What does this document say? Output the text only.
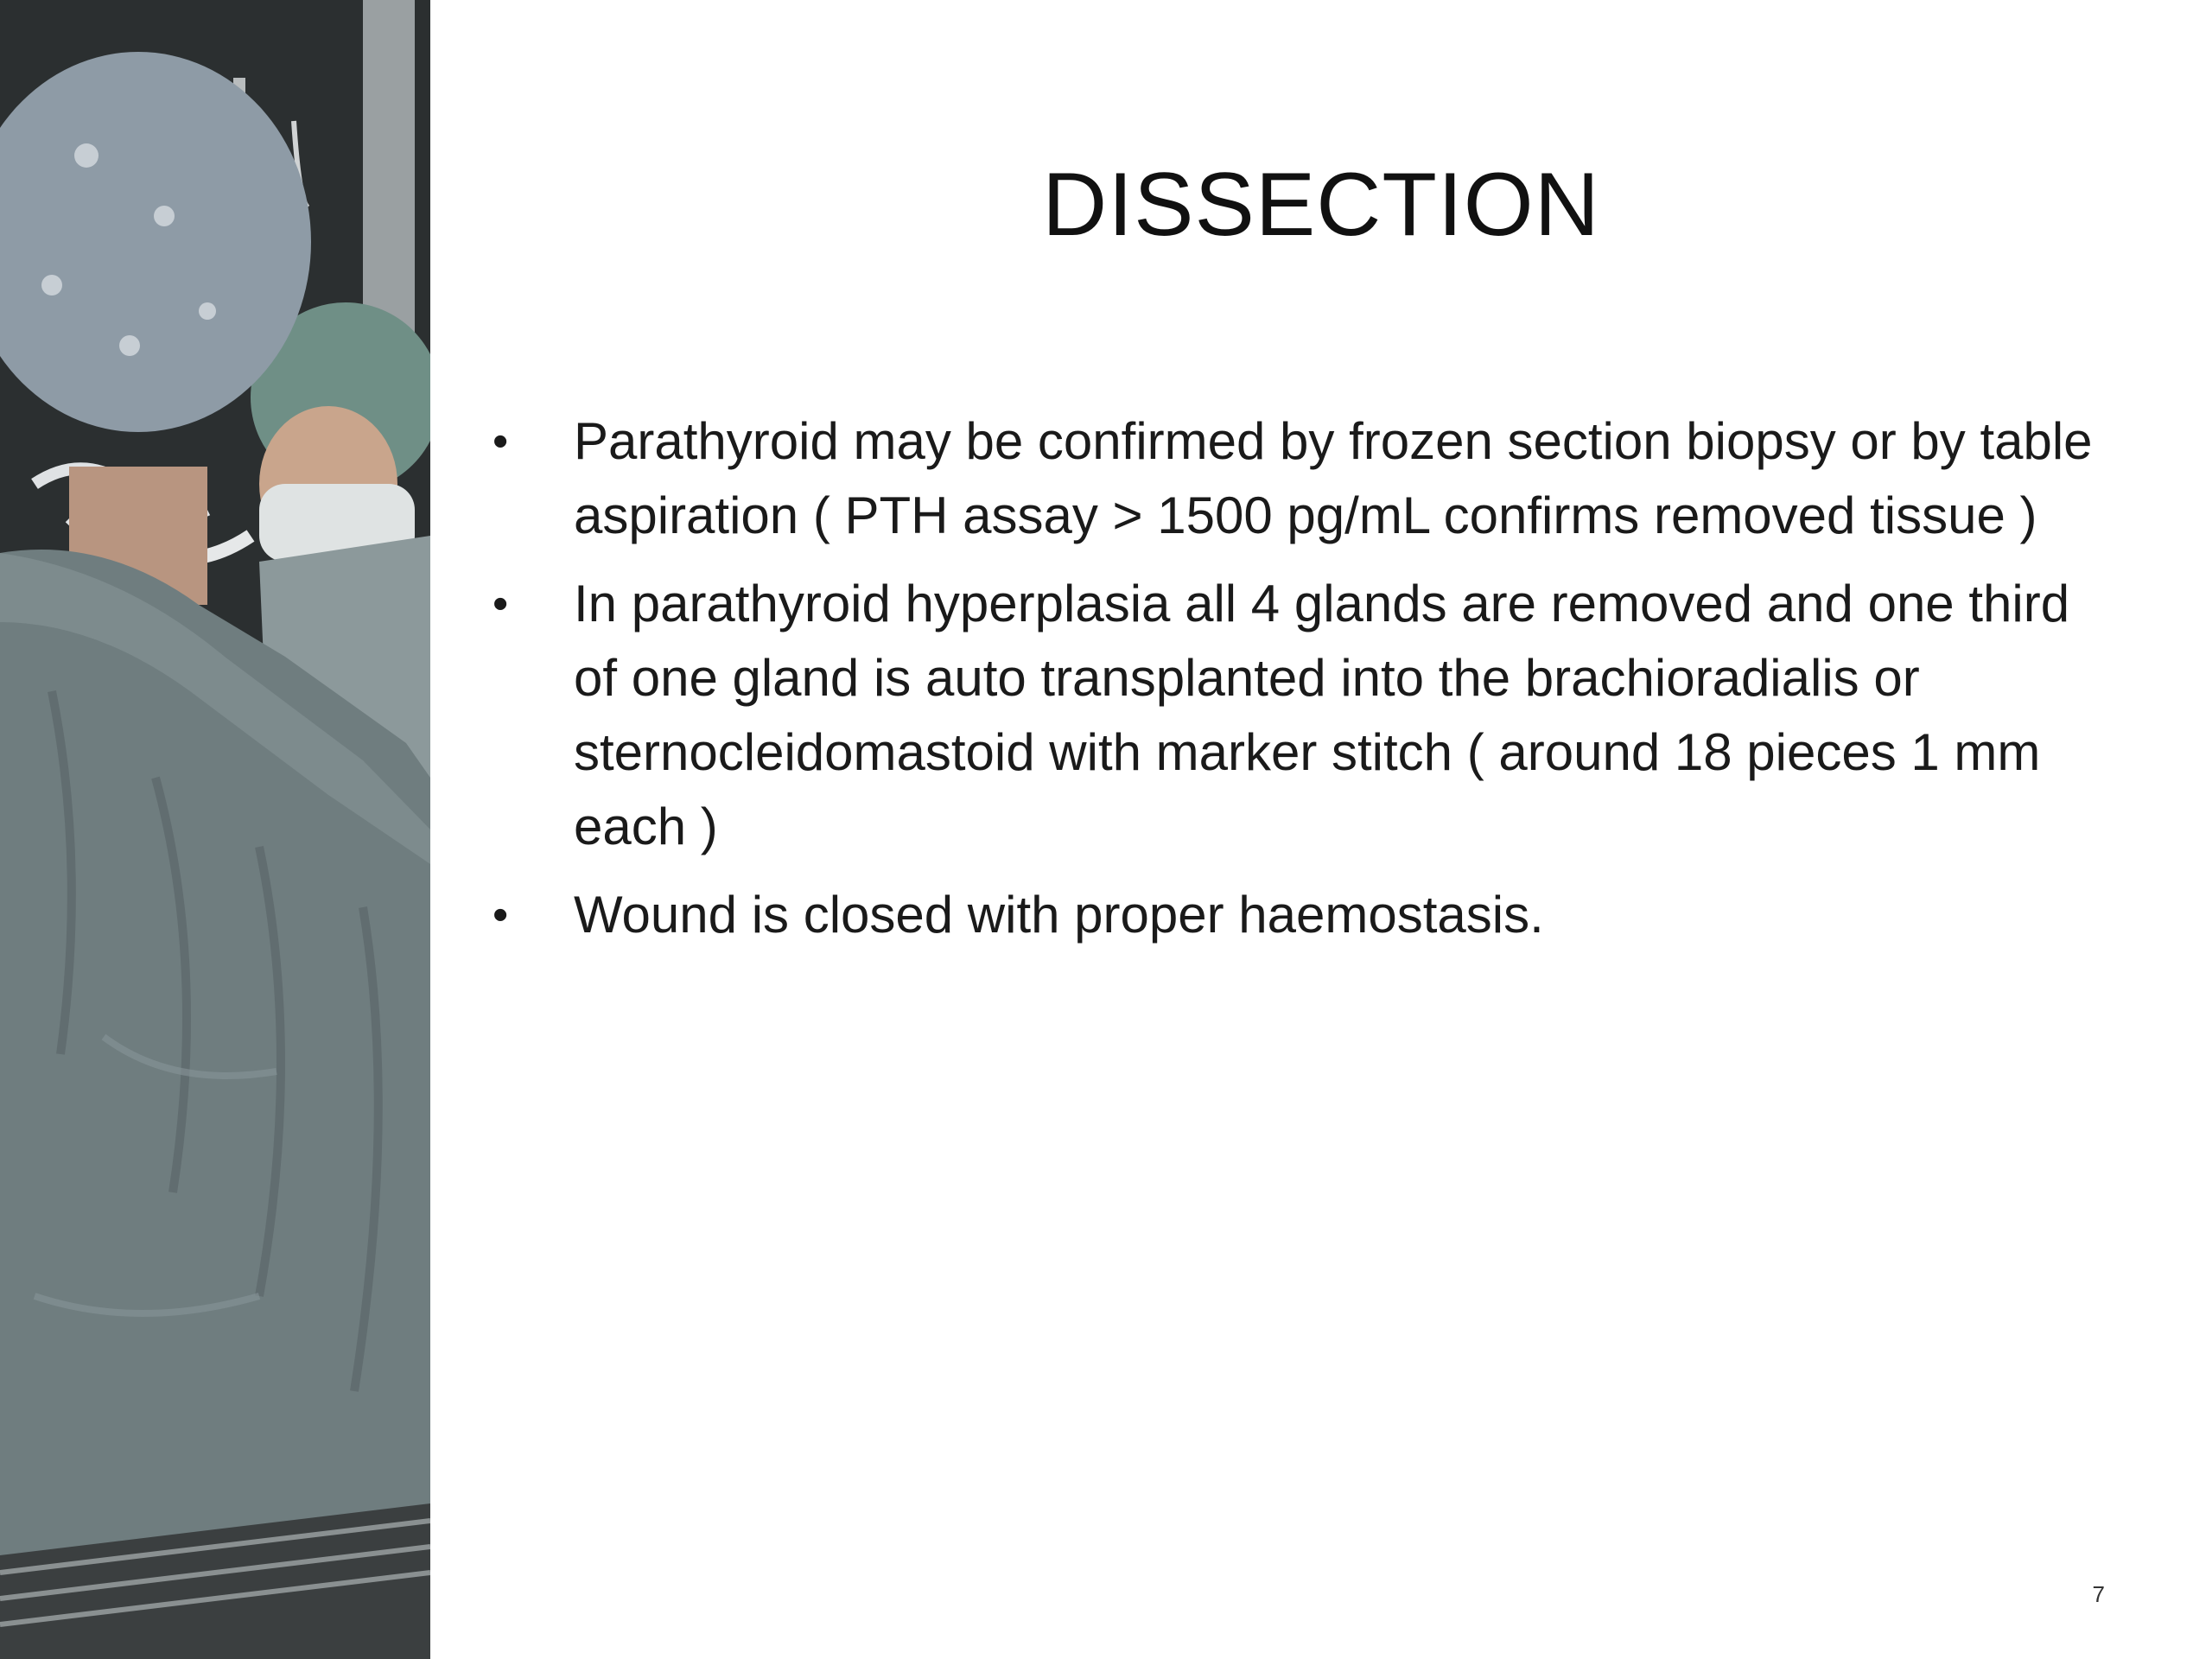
DISSECTION
• Parathyroid may be confirmed by frozen section biopsy or by table aspiration ( PTH assay > 1500 pg/mL confirms removed tissue )
• In parathyroid hyperplasia all 4 glands are removed and one third of one gland is auto transplanted into the brachioradialis or sternocleidomastoid with marker stitch ( around 18 pieces 1 mm each )
• Wound is closed with proper haemostasis.
7
